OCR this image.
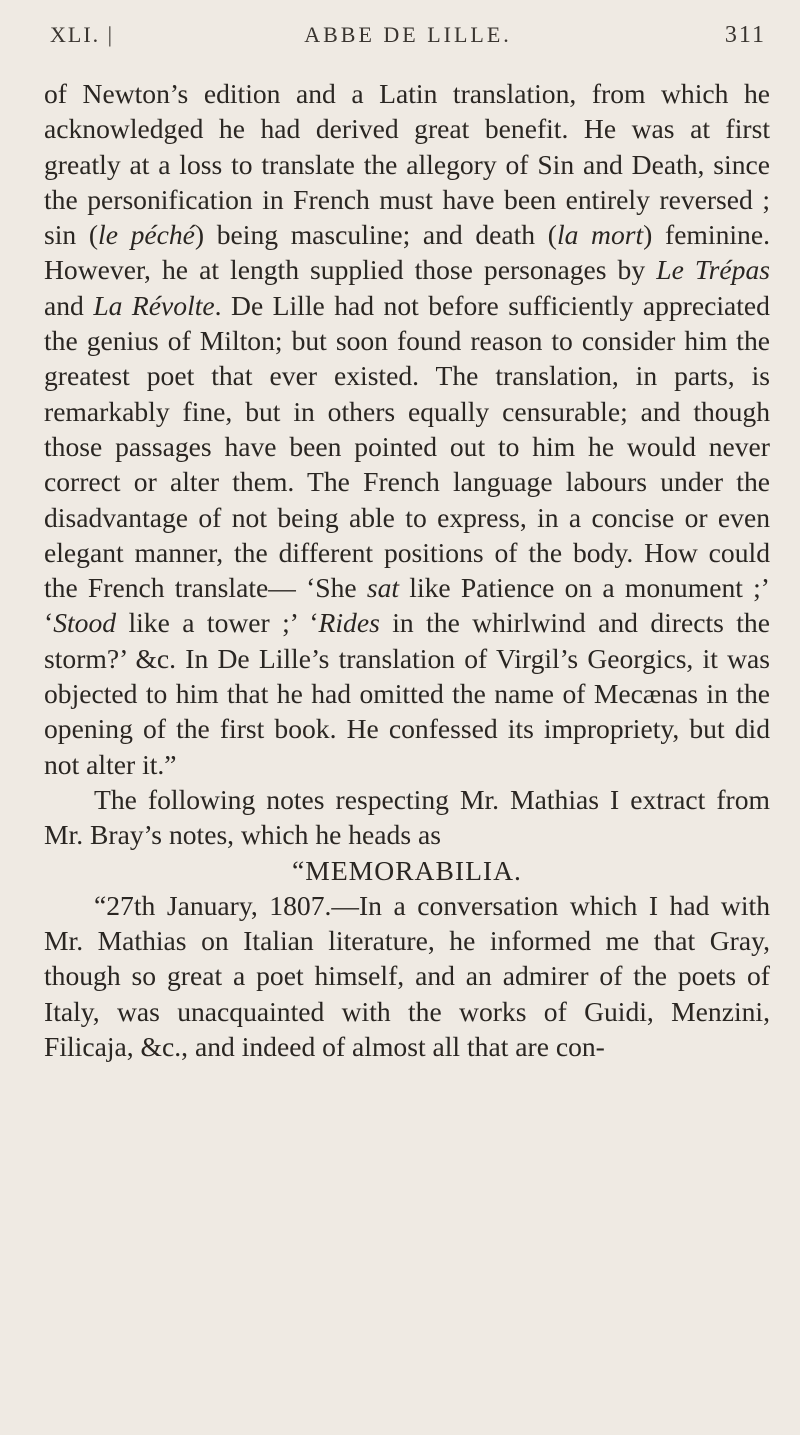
XLI. |	ABBE DE LILLE.	311

of Newton’s edition and a Latin translation, from which he acknowledged he had derived great benefit. He was at first greatly at a loss to translate the allegory of Sin and Death, since the personification in French must have been entirely reversed ; sin (le péché) being masculine; and death (la mort) feminine. However, he at length supplied those personages by Le Trépas and La Révolte. De Lille had not before sufficiently appreciated the genius of Milton; but soon found reason to consider him the greatest poet that ever existed. The translation, in parts, is remarkably fine, but in others equally censurable; and though those passages have been pointed out to him he would never correct or alter them. The French language labours under the disadvantage of not being able to express, in a concise or even elegant manner, the different positions of the body. How could the French translate— ‘She sat like Patience on a monument ;’ ‘Stood like a tower ;’ ‘Rides in the whirlwind and directs the storm?’ &c. In De Lille’s translation of Virgil’s Georgics, it was objected to him that he had omitted the name of Mecænas in the opening of the first book. He confessed its impropriety, but did not alter it.”

The following notes respecting Mr. Mathias I extract from Mr. Bray’s notes, which he heads as

“MEMORABILIA.

“27th January, 1807.—In a conversation which I had with Mr. Mathias on Italian literature, he informed me that Gray, though so great a poet himself, and an admirer of the poets of Italy, was unacquainted with the works of Guidi, Menzini, Filicaja, &c., and indeed of almost all that are con-
